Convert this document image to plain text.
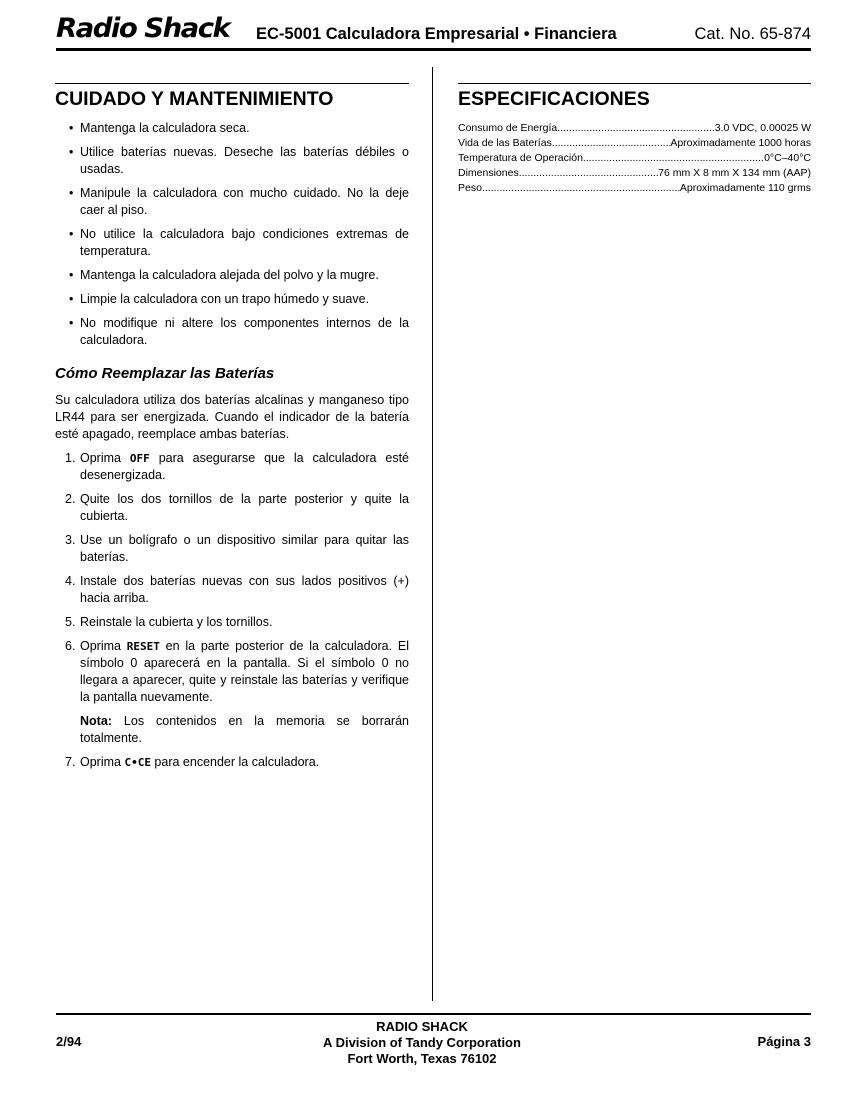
Radio Shack EC-5001 Calculadora Empresarial • Financiera	Cat. No. 65-874
CUIDADO Y MANTENIMIENTO
• Mantenga la calculadora seca.
• Utilice baterías nuevas. Deseche las baterías débiles o usadas.
• Manipule la calculadora con mucho cuidado. No la deje caer al piso.
• No utilice la calculadora bajo condiciones extremas de temperatura.
• Mantenga la calculadora alejada del polvo y la mugre.
• Limpie la calculadora con un trapo húmedo y suave.
• No modifique ni altere los componentes internos de la calculadora.
Cómo Reemplazar las Baterías

Su calculadora utiliza dos baterías alcalinas y manganeso tipo LR44 para ser energizada. Cuando el indicador de la batería esté apagado, reemplace ambas baterías.

1. Oprima OFF para asegurarse que la calculadora esté desenergizada.
2. Quite los dos tornillos de la parte posterior y quite la cubierta.
3. Use un bolígrafo o un dispositivo similar para quitar las baterías.
4. Instale dos baterías nuevas con sus lados positivos (+) hacia arriba.
5. Reinstale la cubierta y los tornillos.
6. Oprima RESET en la parte posterior de la calculadora. El símbolo 0 aparecerá en la pantalla. Si el símbolo 0 no llegara a aparecer, quite y reinstale las baterías y verifique la pantalla nuevamente.
Nota: Los contenidos en la memoria se borrarán totalmente.
7. Oprima C•CE para encender la calculadora.
ESPECIFICACIONES
Consumo de Energía .....	3.0 VDC, 0.00025 W
Vida de las Baterías .....	Aproximadamente 1000 horas
Temperatura de Operación .....	0°C–40°C
Dimensiones .....	76 mm X 8 mm X 134 mm (AAP)
Peso .....	Aproximadamente 110 grms
2/94
RADIO SHACK
A Division of Tandy Corporation
Fort Worth, Texas 76102
Página 3
